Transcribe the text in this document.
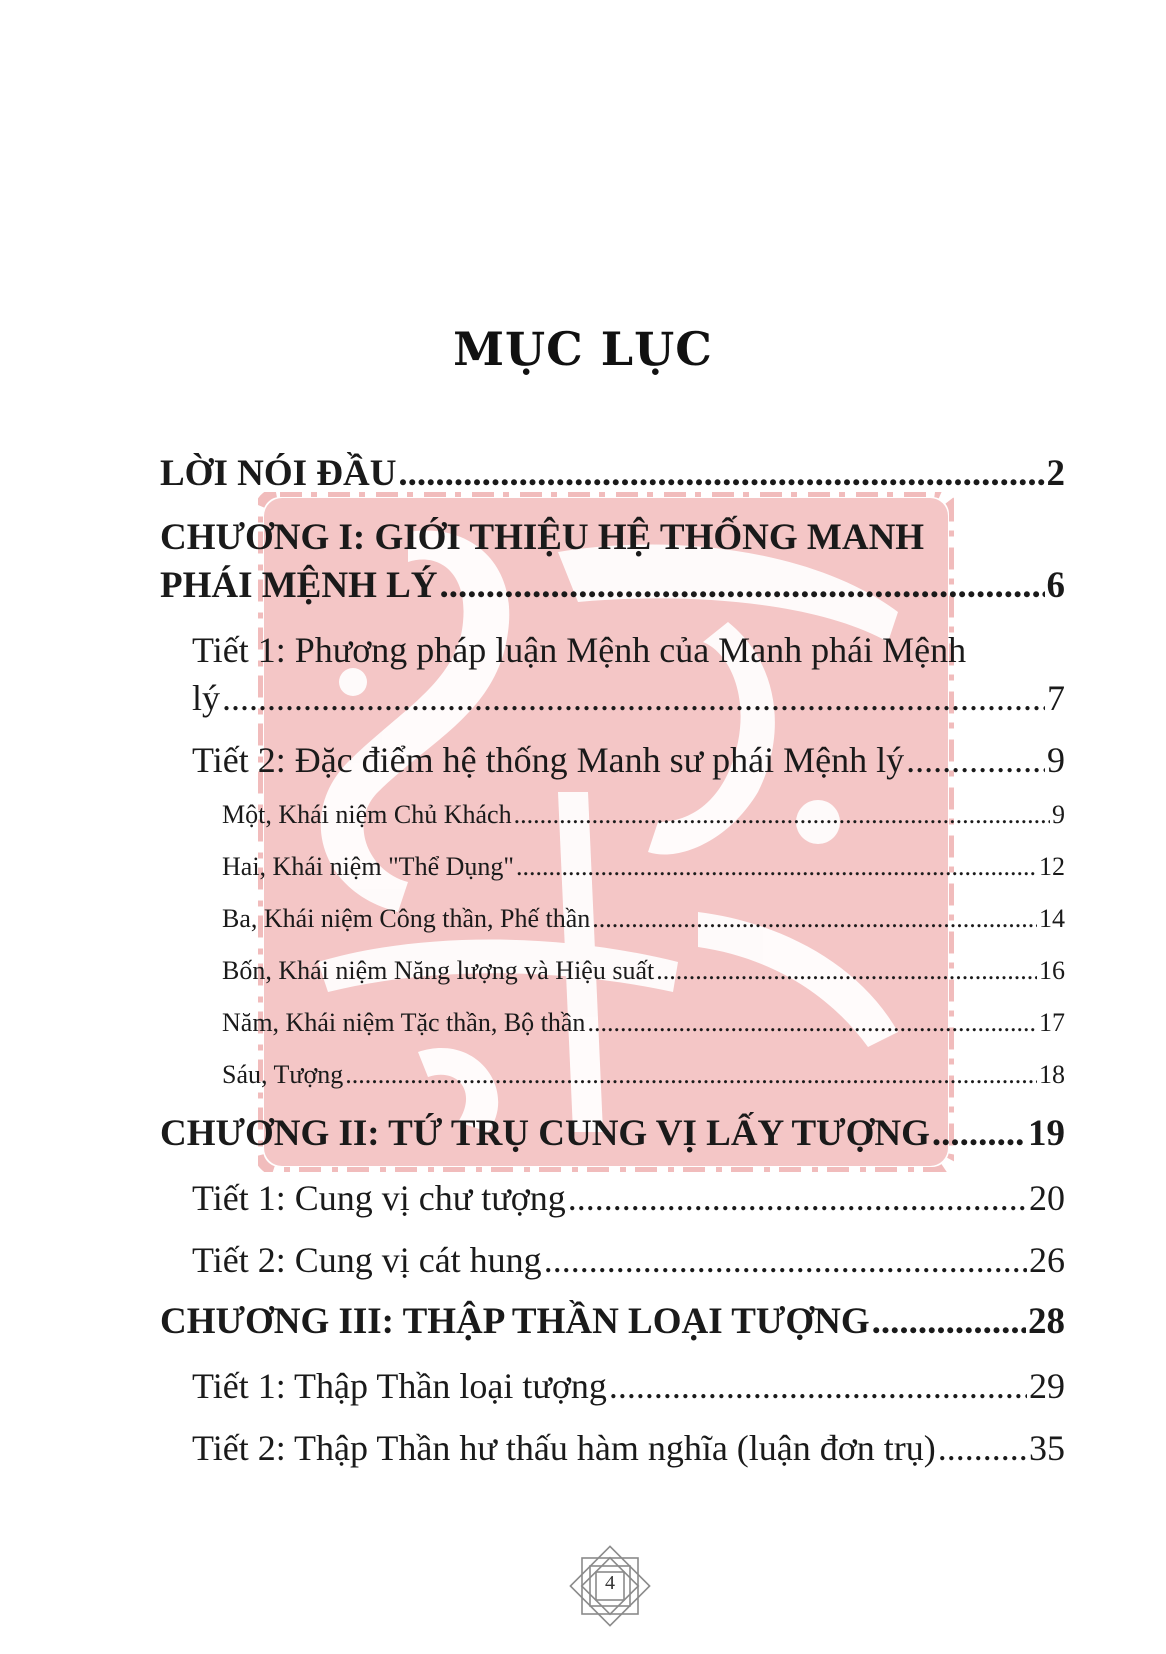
MỤC LỤC
LỜI NÓI ĐẦU .....	2
CHƯƠNG I: GIỚI THIỆU HỆ THỐNG MANH
PHÁI MỆNH LÝ .....	6
Tiết 1: Phương pháp luận Mệnh của Manh phái Mệnh
lý .....	7
Tiết 2: Đặc điểm hệ thống Manh sư phái Mệnh lý .....	9
Một, Khái niệm Chủ Khách .....	9
Hai, Khái niệm "Thể Dụng" .....	12
Ba, Khái niệm Công thần, Phế thần .....	14
Bốn, Khái niệm Năng lượng và Hiệu suất .....	16
Năm, Khái niệm Tặc thần, Bộ thần .....	17
Sáu, Tượng .....	18
CHƯƠNG II: TỨ TRỤ CUNG VỊ LẤY TƯỢNG .....	19
Tiết 1: Cung vị chư tượng .....	20
Tiết 2: Cung vị cát hung .....	26
CHƯƠNG III: THẬP THẦN LOẠI TƯỢNG .....	28
Tiết 1: Thập Thần loại tượng .....	29
Tiết 2: Thập Thần hư thấu hàm nghĩa (luận đơn trụ) .....	35
4
